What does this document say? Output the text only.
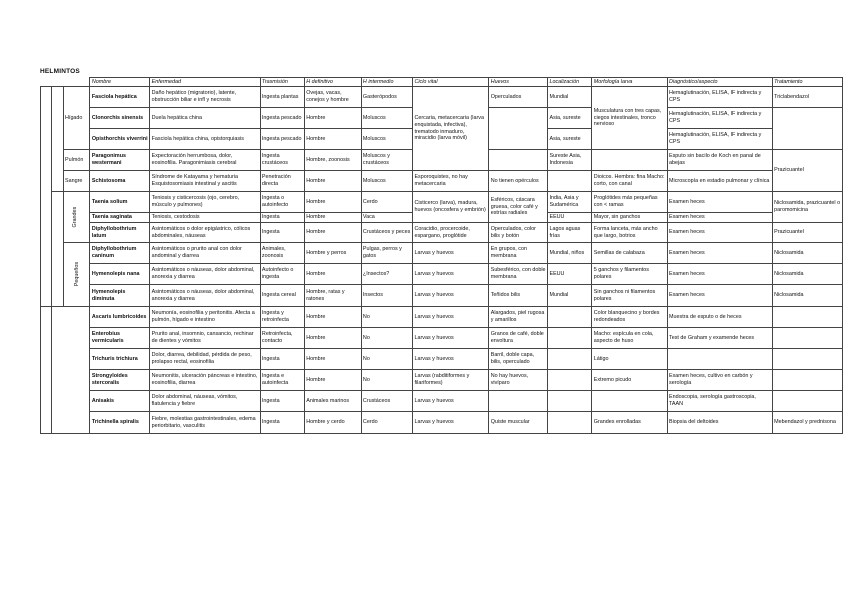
HELMINTOS
			Nombre	Enfermedad	Trasmisión	H definitivo	H intermedio	Ciclo vital	Huevos	Localización	Morfología larva	Diagnóstico/aspecto	Tratamiento
		Hígado	Fasciola hepática	Daño hepático (migratorio), latente, obstrucción biliar e infl y necrosis	Ingesta plantas	Ovejas, vacas, conejos y hombre	Gasterópodos	Cercaria, metacercaria (larva enquistada, infectiva), trematodo inmaduro, miracidio (larva móvil)	Operculados	Mundial	Musculatura con tres capas, ciegos intestinales, tronco nervioso	Hemaglutinación, ELISA, IF indirecta y CPS	Triclabendazol
			Clonorchis sinensis	Duela hepática china	Ingesta pescado	Hombre	Moluscos			Asia, sureste		Hemaglutinación, ELISA, IF indirecta y CPS	
			Opisthorchis viverrini	Fasciola hepática china, opistorquiasis	Ingesta pescado	Hombre	Moluscos			Asia, sureste		Hemaglutinación, ELISA, IF indirecta y CPS	
		Pulmón	Paragonimus westermani	Expectoración herrumbosa, dolor, eosinofilia. Paragonimiasis cerebral	Ingesta crustáceos	Hombre, zoonosis	Moluscos y crustáceos			Sureste Asia, Indonesia		Esputo sin bacilo de Koch en panal de abejas	Prazicuantel
		Sangre	Schistosoma	Síndrome de Katayama y hematuria Esquistosomiasis intestinal y ascitis	Penetración directa	Hombre	Moluscos	Esporoquistes, no hay metacercaria	No tienen opérculos		Dioicos. Hembra: fina Macho: corto, con canal	Microscopía en estadio pulmonar y clínica	
	Grandes	Taenia solium	Teniosis y cisticercosis (ojo, cerebro, músculo y pulmones)	Ingesta o autoinfecto	Hombre	Cerdo	Cisticerco (larva), madura, huevos (oncosfera y embrión)	Esféricos, cáscara gruesa, color café y estrías radiales	India, Asia y Sudamérica	Proglótides más pequeñas con < ramas	Examen heces	Niclosamida, prazicuantel o paromomicina
			Taenia saginata	Teniosis, cestodosis	Ingesta	Hombre	Vaca			EEUU	Mayor, sin ganchos	Examen heces	
			Diphyllobothrium latum	Asintomáticos o dolor epigástrico, cólicos abdominales, náuseas	Ingesta	Hombre	Crustáceos y peces	Coracidio, procercoide, espargano, proglótide	Operculados, color bilis y botón	Lagos aguas frías	Forma lanceta, más ancho que largo, botrios	Examen heces	Prazicuantel
		Pequeños	Diphyllobothrium caninum	Asintomáticos o prurito anal con dolor andominal y diarrea	Animales, zoonosis	Hombre y perros	Pulgas, perros y gatos	Larvas y huevos	En grupos, con membrana	Mundial, niños	Semillas de calabaza	Examen heces	Niclosamida
			Hymenolepis nana	Asintomáticos o náuseas, dolor abdominal, anorexia y diarrea	Autoinfecto o ingesta	Hombre	¿Insectos?	Larvas y huevos	Subesférico, con doble membrana	EEUU	5 ganchos y filamentos polares	Examen heces	Niclosamida
			Hymenolepis diminuta	Asintomáticos o náuseas, dolor abdominal, anorexia y diarrea	Ingesta cereal	Hombre, ratas y ratones	Insectos	Larvas y huevos	Teñidos bilis	Mundial	Sin ganchos ni filamentos polares	Examen heces	Niclosamida
		Ascaris lumbricoides	Neumonía, eosinofilia y peritonitis. Afecta a pulmón, hígado e intestino	Ingesta y retroinfecta	Hombre	No	Larvas y huevos	Alargados, piel rugosa y amarillos		Color blanquecino y bordes redondeados	Muestra de esputo o de heces	
			Enterobius vermicularis	Prurito anal, insomnio, cansancio, rechinar de dientes y vómitos	Retroinfecta, contacto	Hombre	No	Larvas y huevos	Granos de café, doble envoltura		Macho: espícula en cola, aspecto de huso	Test de Graham y examende heces	
			Trichuris trichiura	Dolor, diarrea, debilidad, pérdida de peso, prolapso rectal, eosinofilia	Ingesta	Hombre	No	Larvas y huevos	Barril, doble capa, bilis, operculado		Látigo		
			Strongyloides stercoralis	Neumonitis, ulceración páncreas e intestino, eosinofilia, diarrea	Ingesta e autoinfecta	Hombre	No	Larvas (rabditiformes y filariformes)	No hay huevos, vivíparo		Extremo picudo	Examen heces, cultivo en carbón y serología	
			Anisakis	Dolor abdominal, náuseas, vómitos, flatulencia y fiebre	Ingesta	Animales marinos	Crustáceos	Larvas y huevos				Endoscopia, serología gastroscopia, TAAN	
			Trichinella spiralis	Fiebre, molestias gastrointestinales, edema periorbitario, vasculitis	Ingesta	Hombre y cerdo	Cerdo	Larvas y huevos	Quiste muscular		Grandes enrolladas	Biopsia del deltoides	Mebendazol y prednisona
